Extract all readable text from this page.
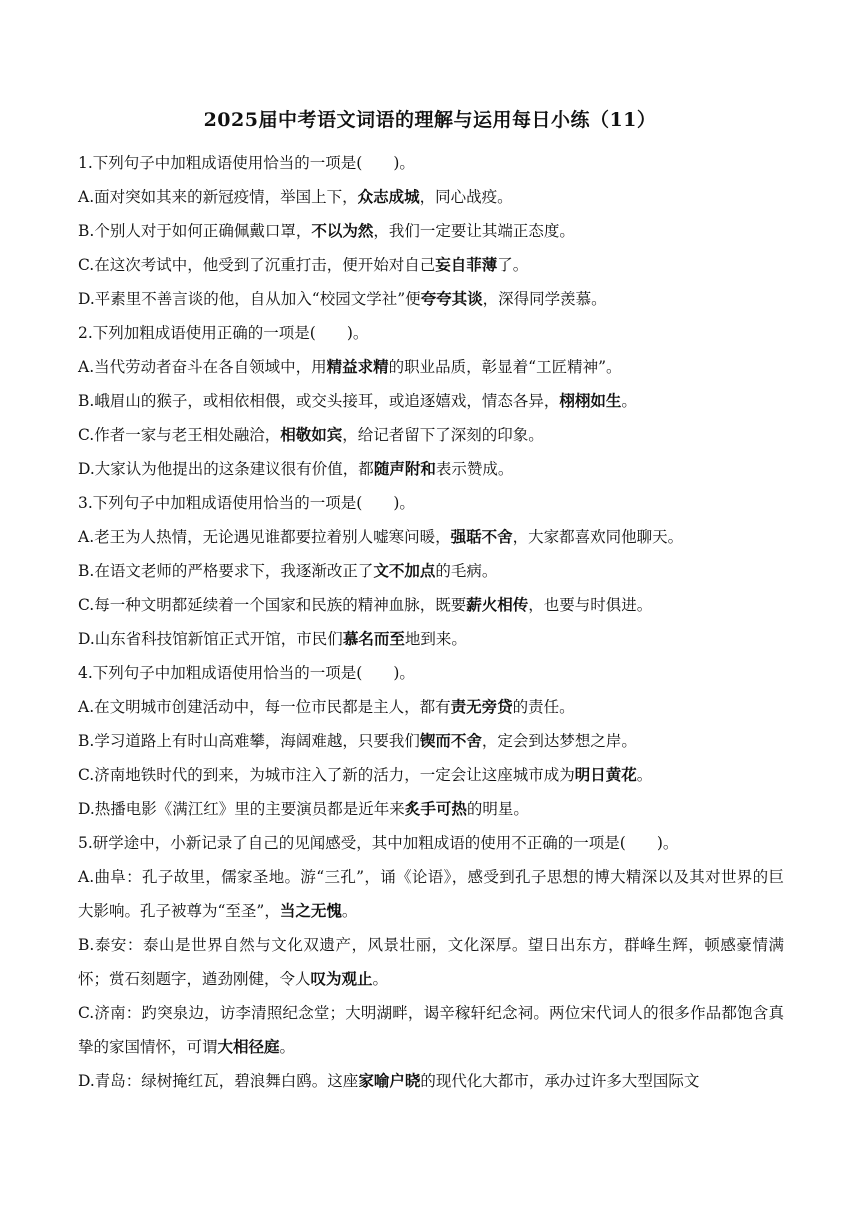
2025届中考语文词语的理解与运用每日小练（11）
1.下列句子中加粗成语使用恰当的一项是(　　)。
A.面对突如其来的新冠疫情，举国上下，众志成城，同心战疫。
B.个别人对于如何正确佩戴口罩，不以为然，我们一定要让其端正态度。
C.在这次考试中，他受到了沉重打击，便开始对自己妄自菲薄了。
D.平素里不善言谈的他，自从加入“校园文学社”便夸夸其谈，深得同学羡慕。
2.下列加粗成语使用正确的一项是(　　)。
A.当代劳动者奋斗在各自领域中，用精益求精的职业品质，彰显着“工匠精神”。
B.峨眉山的猴子，或相依相偎，或交头接耳，或追逐嬉戏，情态各异，栩栩如生。
C.作者一家与老王相处融洽，相敬如宾，给记者留下了深刻的印象。
D.大家认为他提出的这条建议很有价值，都随声附和表示赞成。
3.下列句子中加粗成语使用恰当的一项是(　　)。
A.老王为人热情，无论遇见谁都要拉着别人嘘寒问暖，强聒不舍，大家都喜欢同他聊天。
B.在语文老师的严格要求下，我逐渐改正了文不加点的毛病。
C.每一种文明都延续着一个国家和民族的精神血脉，既要薪火相传，也要与时俱进。
D.山东省科技馆新馆正式开馆，市民们慕名而至地到来。
4.下列句子中加粗成语使用恰当的一项是(　　)。
A.在文明城市创建活动中，每一位市民都是主人，都有责无旁贷的责任。
B.学习道路上有时山高难攀，海阔难越，只要我们锲而不舍，定会到达梦想之岸。
C.济南地铁时代的到来，为城市注入了新的活力，一定会让这座城市成为明日黄花。
D.热播电影《满江红》里的主要演员都是近年来炙手可热的明星。
5.研学途中，小新记录了自己的见闻感受，其中加粗成语的使用不正确的一项是(　　)。
A.曲阜：孔子故里，儒家圣地。游“三孔”，诵《论语》，感受到孔子思想的博大精深以及其对世界的巨大影响。孔子被尊为“至圣”，当之无愧。
B.泰安：泰山是世界自然与文化双遗产，风景壮丽，文化深厚。望日出东方，群峰生辉，顿感豪情满怀；赏石刻题字，遒劲刚健，令人叹为观止。
C.济南：趵突泉边，访李清照纪念堂；大明湖畔，谒辛稼轩纪念祠。两位宋代词人的很多作品都饱含真挚的家国情怀，可谓大相径庭。
D.青岛：绿树掩红瓦，碧浪舞白鸥。这座家喻户晓的现代化大都市，承办过许多大型国际文
